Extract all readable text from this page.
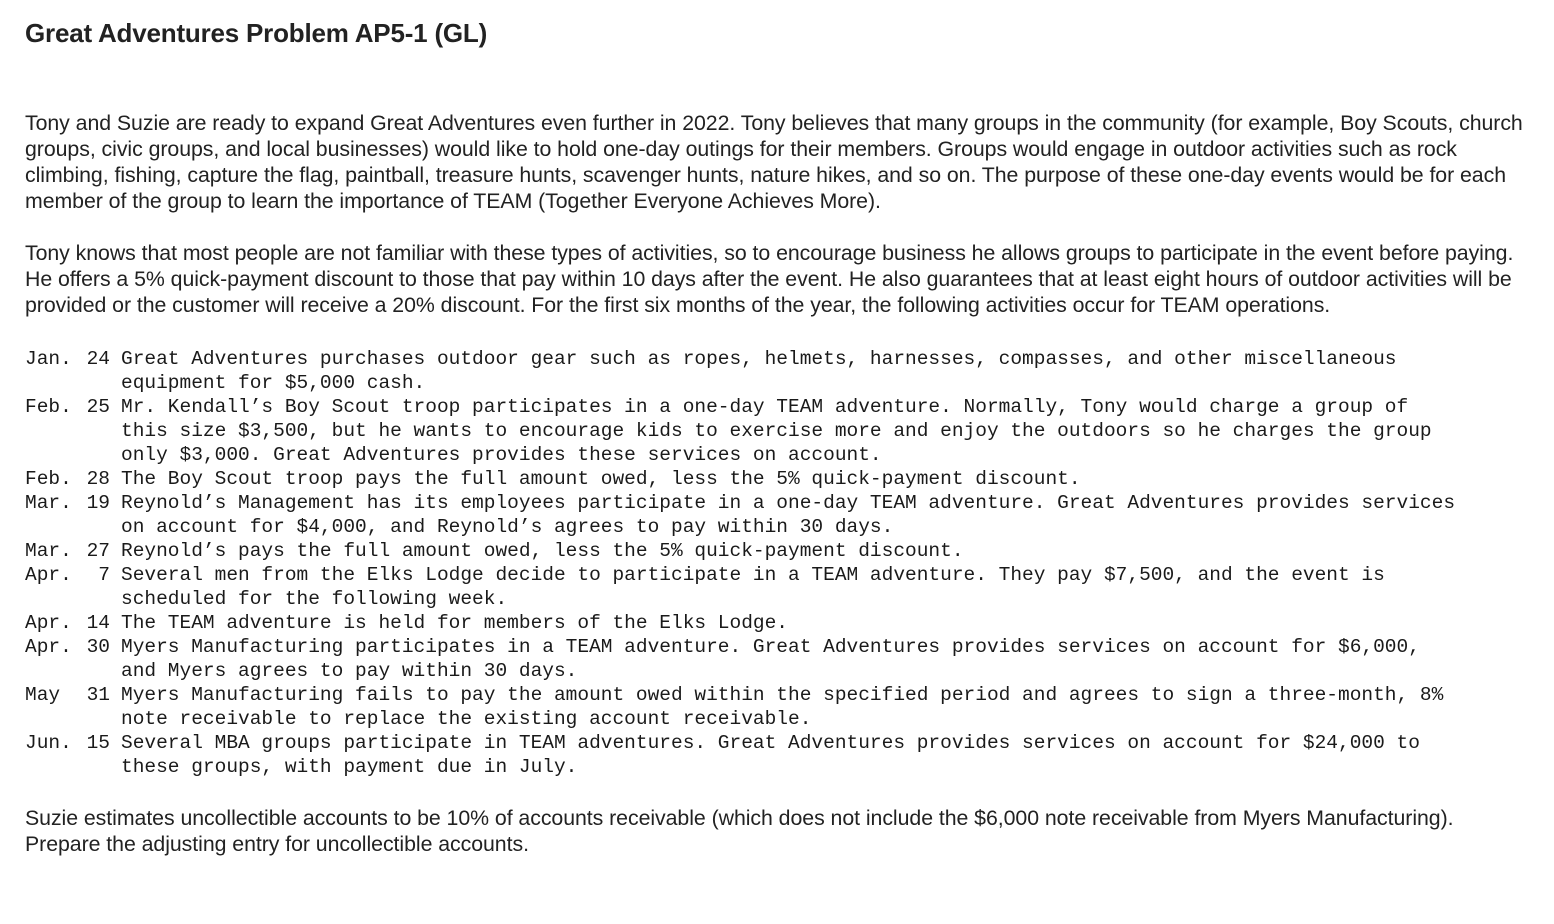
Great Adventures Problem AP5-1 (GL)

Tony and Suzie are ready to expand Great Adventures even further in 2022. Tony believes that many groups in the community (for example, Boy Scouts, church groups, civic groups, and local businesses) would like to hold one-day outings for their members. Groups would engage in outdoor activities such as rock climbing, fishing, capture the flag, paintball, treasure hunts, scavenger hunts, nature hikes, and so on. The purpose of these one-day events would be for each member of the group to learn the importance of TEAM (Together Everyone Achieves More).

Tony knows that most people are not familiar with these types of activities, so to encourage business he allows groups to participate in the event before paying. He offers a 5% quick-payment discount to those that pay within 10 days after the event. He also guarantees that at least eight hours of outdoor activities will be provided or the customer will receive a 20% discount. For the first six months of the year, the following activities occur for TEAM operations.

Jan. 24 Great Adventures purchases outdoor gear such as ropes, helmets, harnesses, compasses, and other miscellaneous equipment for $5,000 cash.
Feb. 25 Mr. Kendall’s Boy Scout troop participates in a one-day TEAM adventure. Normally, Tony would charge a group of this size $3,500, but he wants to encourage kids to exercise more and enjoy the outdoors so he charges the group only $3,000. Great Adventures provides these services on account.
Feb. 28 The Boy Scout troop pays the full amount owed, less the 5% quick-payment discount.
Mar. 19 Reynold’s Management has its employees participate in a one-day TEAM adventure. Great Adventures provides services on account for $4,000, and Reynold’s agrees to pay within 30 days.
Mar. 27 Reynold’s pays the full amount owed, less the 5% quick-payment discount.
Apr.	7 Several men from the Elks Lodge decide to participate in a TEAM adventure. They pay $7,500, and the event is scheduled for the following week.
Apr. 14 The TEAM adventure is held for members of the Elks Lodge.
Apr. 30 Myers Manufacturing participates in a TEAM adventure. Great Adventures provides services on account for $6,000, and Myers agrees to pay within 30 days.
May	31 Myers Manufacturing fails to pay the amount owed within the specified period and agrees to sign a three-month, 8% note receivable to replace the existing account receivable.
Jun. 15 Several MBA groups participate in TEAM adventures. Great Adventures provides services on account for $24,000 to these groups, with payment due in July.

Suzie estimates uncollectible accounts to be 10% of accounts receivable (which does not include the $6,000 note receivable from Myers Manufacturing). Prepare the adjusting entry for uncollectible accounts.
